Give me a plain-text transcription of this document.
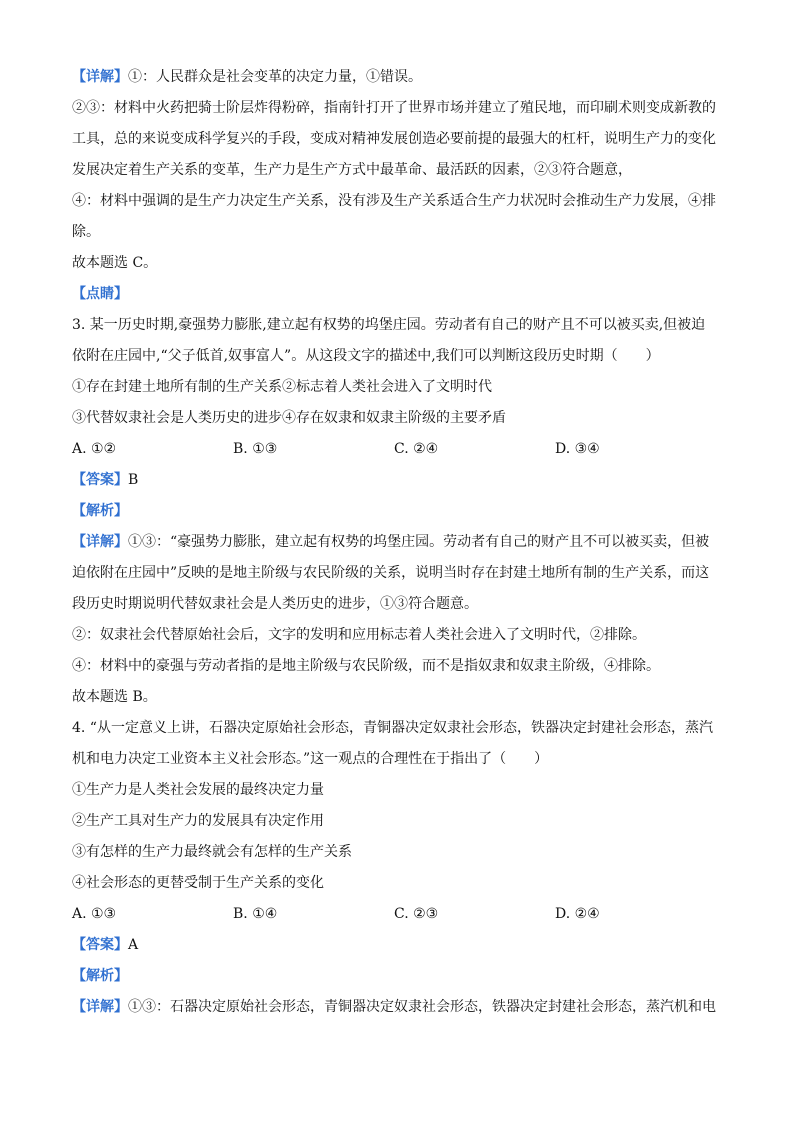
【详解】①：人民群众是社会变革的决定力量，①错误。
②③：材料中火药把骑士阶层炸得粉碎，指南针打开了世界市场并建立了殖民地，而印刷术则变成新教的
工具，总的来说变成科学复兴的手段，变成对精神发展创造必要前提的最强大的杠杆，说明生产力的变化
发展决定着生产关系的变革，生产力是生产方式中最革命、最活跃的因素，②③符合题意，
④：材料中强调的是生产力决定生产关系，没有涉及生产关系适合生产力状况时会推动生产力发展，④排
除。
故本题选 C。
【点睛】
3. 某一历史时期,豪强势力膨胀,建立起有权势的坞堡庄园。劳动者有自己的财产且不可以被买卖,但被迫
依附在庄园中,“父子低首,奴事富人”。从这段文字的描述中,我们可以判断这段历史时期（　　）
①存在封建土地所有制的生产关系②标志着人类社会进入了文明时代
③代替奴隶社会是人类历史的进步④存在奴隶和奴隶主阶级的主要矛盾
A. ①②	B. ①③	C. ②④	D. ③④
【答案】B
【解析】
【详解】①③：“豪强势力膨胀，建立起有权势的坞堡庄园。劳动者有自己的财产且不可以被买卖，但被
迫依附在庄园中”反映的是地主阶级与农民阶级的关系，说明当时存在封建土地所有制的生产关系，而这
段历史时期说明代替奴隶社会是人类历史的进步，①③符合题意。
②：奴隶社会代替原始社会后，文字的发明和应用标志着人类社会进入了文明时代，②排除。
④：材料中的豪强与劳动者指的是地主阶级与农民阶级，而不是指奴隶和奴隶主阶级，④排除。
故本题选 B。
4. “从一定意义上讲，石器决定原始社会形态，青铜器决定奴隶社会形态，铁器决定封建社会形态，蒸汽
机和电力决定工业资本主义社会形态。”这一观点的合理性在于指出了（　　）
①生产力是人类社会发展的最终决定力量
②生产工具对生产力的发展具有决定作用
③有怎样的生产力最终就会有怎样的生产关系
④社会形态的更替受制于生产关系的变化
A. ①③	B. ①④	C. ②③	D. ②④
【答案】A
【解析】
【详解】①③：石器决定原始社会形态，青铜器决定奴隶社会形态，铁器决定封建社会形态，蒸汽机和电
